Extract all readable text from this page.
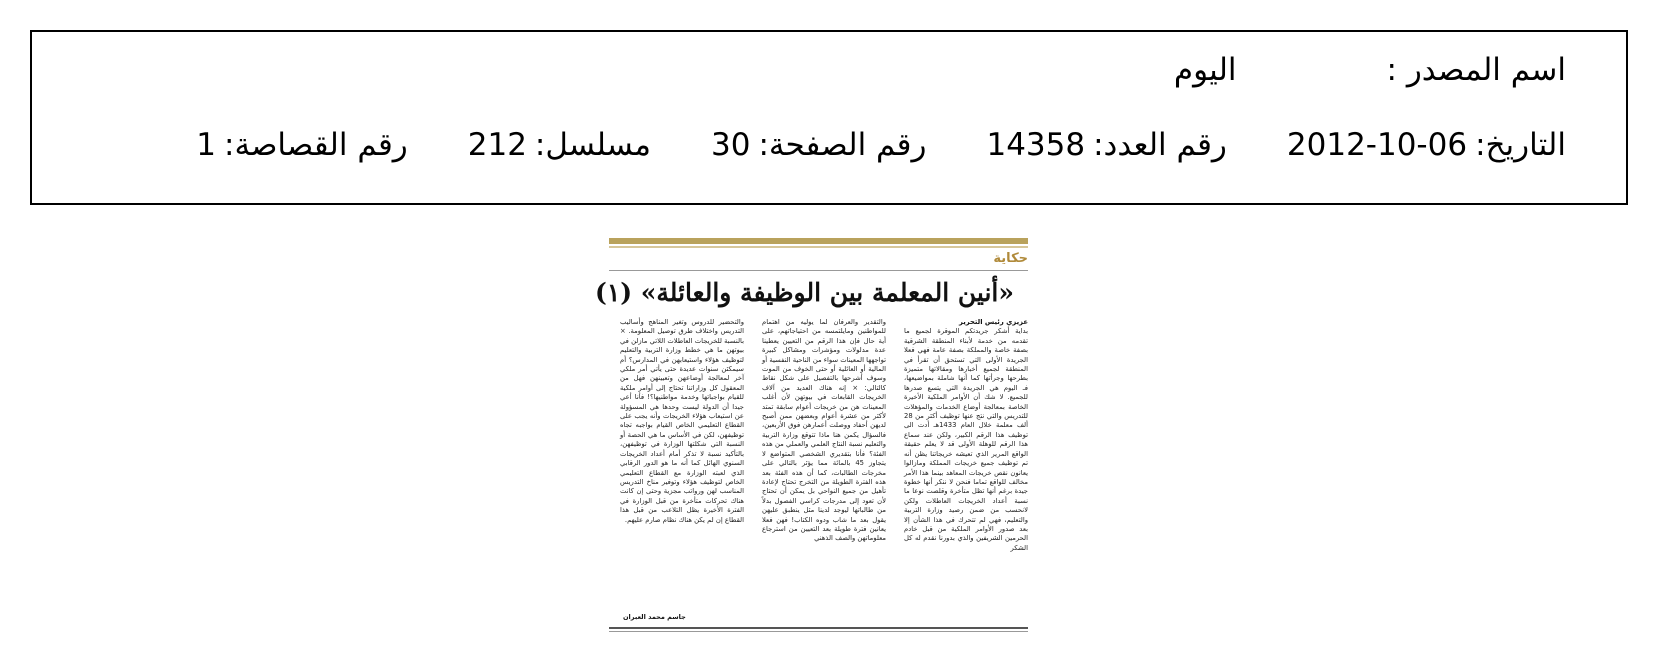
اسم المصدر :
اليوم
التاريخ:
2012-10-06
رقم العدد:
14358
رقم الصفحة:
30
مسلسل:
212
رقم القصاصة:
1
حكاية
«أنين المعلمة بين الوظيفة والعائلة» (١)
عزيزي رئيس التحرير
بداية أشكر جريدتكم الموقرة لجميع ما تقدمه من خدمة لأبناء المنطقة الشرقية بصفة خاصة والمملكة بصفة عامة فهي فعلا الجريدة الأولى التي تستحق أن تقرأ في المنطقة لجميع أخبارها ومقالاتها متميزة بطرحها وجرأتها كما أنها شاملة بمواضيعها، فـ اليوم هي الجريدة التي يتسع صدرها للجميع. لا شك أن الأوامر الملكية الأخيرة الخاصة بمعالجة أوضاع الخدمات والمؤهلات للتدريس والتي نتج عنها توظيف أكثر من 28 ألف معلمة خلال العام 1433هـ أدت الى توظيف هذا الرقم الكبير، ولكن عند سماع هذا الرقم للوهلة الأولى قد لا يعلم حقيقة الواقع المرير الذي تعيشه خريجاتنا يظن أنه تم توظيف جميع خريجات المملكة ومازالوا يعانون نقص خريجات المعاهد بينما هذا الأمر مخالف للواقع تماما فنحن لا ننكر أنها خطوة جيدة برغم أنها تظل متأخرة وقلصت نوعا ما نسبة أعداد الخريجات العاطلات ولكن لانحسب من ضمن رصيد وزارة التربية والتعليم، فهي لم تتحرك في هذا الشأن إلا بعد صدور الأوامر الملكية من قبل خادم الحرمين الشريفين والذي بدورنا نقدم له كل الشكر
والتقدير والعرفان لما يوليه من اهتمام للمواطنين ومايلتمسه من احتياجاتهم، على أية حال فإن هذا الرقم من التعيين يعطينا عدة مدلولات ومؤشرات ومشاكل كبيرة تواجهها المعينات سواء من الناحية النفسية أو المالية أو العائلية أو حتى الخوف من الموت وسوف أشرحها بالتفصيل على شكل نقاط كالتالي: × إنه هناك العديد من آلاف الخريجات القابعات في بيوتهن لأن أغلب المعينات هن من خريجات أعوام سابقة تمتد لأكثر من عشرة أعوام وبعضهن ممن أصبح لديهن أحفاد ووصلت أعمارهن فوق الأربعين، فالسؤال يكمن هنا ماذا تتوقع وزارة التربية والتعليم نسبة النتاج العلمي والعملي من هذه الفئة؟ فأنا بتقديري الشخصي المتواضع لا يتجاوز 45 بالمائة مما يؤثر بالتالي على مخرجات الطالبات، كما أن هذه الفئة بعد هذه الفترة الطويلة من التخرج تحتاج لإعادة تأهيل من جميع النواحي بل يمكن أن تحتاج لأن تعود إلى مدرجات كراسي الفصول بدلاً من طالباتها ليوجد لدينا مثل ينطبق عليهن يقول بعد ما شاب ودوه الكتاب! فهن فعلا يعانين فترة طويلة بعد التعيين من استرجاع معلوماتهن والصف الذهني
والتحضير للدروس وتغير المناهج وأساليب التدريس واختلاف طرق توصيل المعلومة. × بالنسبة للخريجات العاطلات اللاتي مازلن في بيوتهن ما هي خطط وزارة التربية والتعليم لتوظيف هؤلاء واستيعابهن في المدارس؟ أم سيمكثن سنوات عديدة حتى يأتي أمر ملكي آخر لمعالجة أوضاعهن وتعيينهن فهل من المعقول كل وزاراتنا تحتاج إلى أوامر ملكية للقيام بواجباتها وخدمة مواطنيها؟! فأنا أعي جيدا أن الدولة ليست وحدها هي المسؤولة عن استيعاب هؤلاء الخريجات وأنه يجب على القطاع التعليمي الخاص القيام بواجبه تجاه توظيفهن، لكن في الأساس ما هي الحصة أو النسبة التي شكلتها الوزارة في توظيفهن، بالتأكيد نسبة لا تذكر أمام أعداد الخريجات السنوي الهائل كما أنه ما هو الدور الرقابي الذي لعبته الوزارة مع القطاع التعليمي الخاص لتوظيف هؤلاء وتوفير مناخ التدريس المناسب لهن ورواتب مجزية وحتى إن كانت هناك تحركات متأخرة من قبل الوزارة في الفترة الأخيرة يظل التلاعب من قبل هذا القطاع إن لم يكن هناك نظام صارم عليهم.
جاسم محمد العبران
